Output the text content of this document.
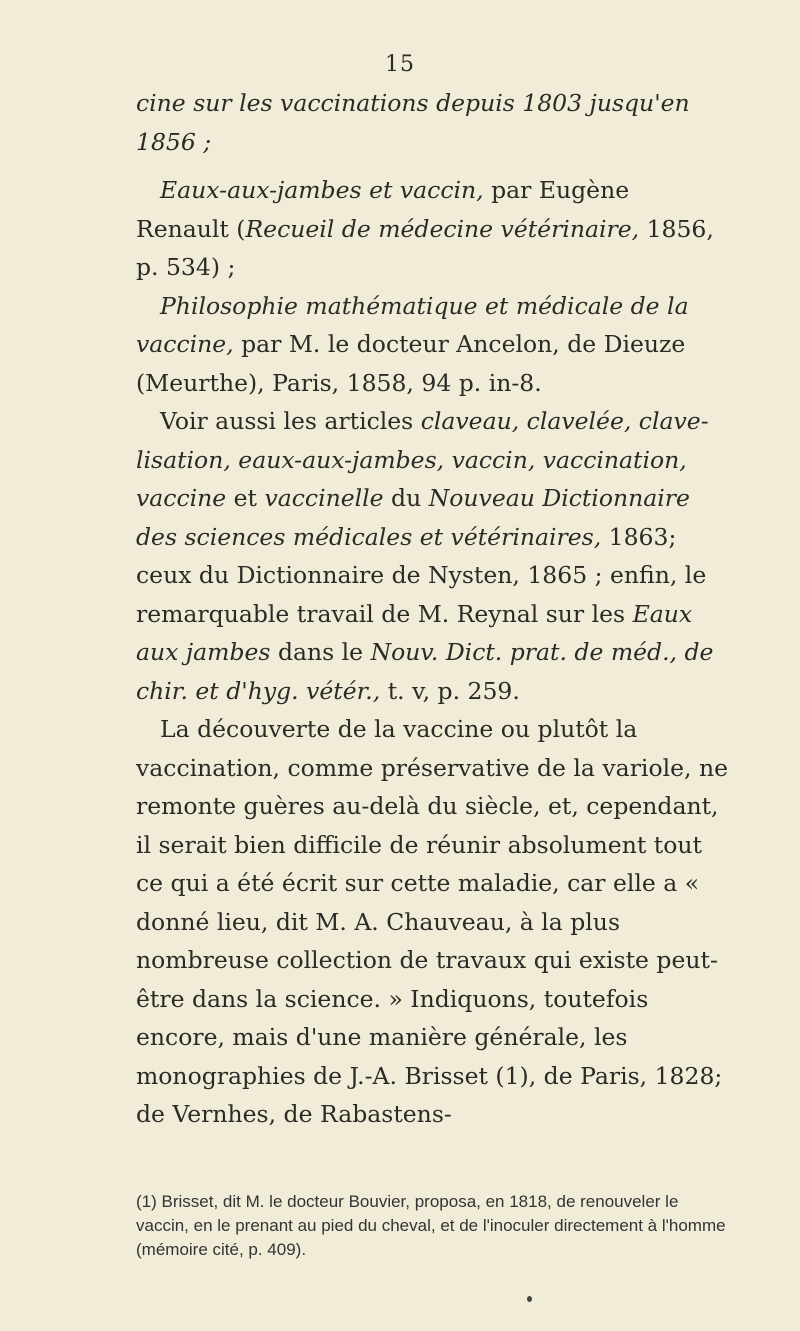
15

cine sur les vaccinations depuis 1803 jusqu'en 1856 ;

Eaux-aux-jambes et vaccin, par Eugène Renault (Recueil de médecine vétérinaire, 1856, p. 534) ;

Philosophie mathématique et médicale de la vaccine, par M. le docteur Ancelon, de Dieuze (Meurthe), Paris, 1858, 94 p. in-8.

Voir aussi les articles claveau, clavelée, clavelisation, eaux-aux-jambes, vaccin, vaccination, vaccine et vaccinelle du Nouveau Dictionnaire des sciences médicales et vétérinaires, 1863; ceux du Dictionnaire de Nysten, 1865 ; enfin, le remarquable travail de M. Reynal sur les Eaux aux jambes dans le Nouv. Dict. prat. de méd., de chir. et d'hyg. vétér., t. v, p. 259.

La découverte de la vaccine ou plutôt la vaccination, comme préservative de la variole, ne remonte guères au-delà du siècle, et, cependant, il serait bien difficile de réunir absolument tout ce qui a été écrit sur cette maladie, car elle a « donné lieu, dit M. A. Chauveau, à la plus nombreuse collection de travaux qui existe peut-être dans la science. » Indiquons, toutefois encore, mais d'une manière générale, les monographies de J.-A. Brisset (1), de Paris, 1828; de Vernhes, de Rabastens-

(1) Brisset, dit M. le docteur Bouvier, proposa, en 1818, de renouveler le vaccin, en le prenant au pied du cheval, et de l'inoculer directement à l'homme (mémoire cité, p. 409).
